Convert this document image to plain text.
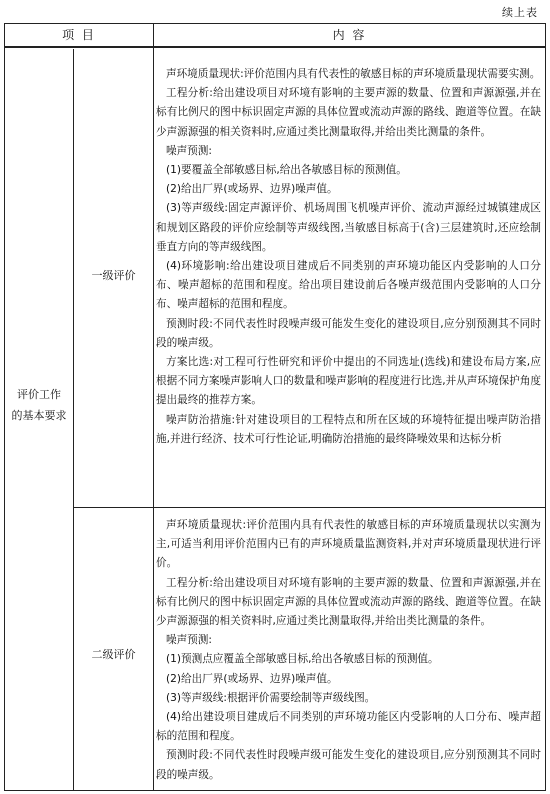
续上表
项 目	内 容
评价工作
的基本要求
一级评价
二级评价

声环境质量现状:评价范围内具有代表性的敏感目标的声环境质量现状需要实测。

工程分析:给出建设项目对环境有影响的主要声源的数量、位置和声源源强,并在标有比例尺的图中标识固定声源的具体位置或流动声源的路线、跑道等位置。在缺少声源源强的相关资料时,应通过类比测量取得,并给出类比测量的条件。

噪声预测:

(1)要覆盖全部敏感目标,给出各敏感目标的预测值。

(2)给出厂界(或场界、边界)噪声值。

(3)等声级线:固定声源评价、机场周围飞机噪声评价、流动声源经过城镇建成区和规划区路段的评价应绘制等声级线图,当敏感目标高于(含)三层建筑时,还应绘制垂直方向的等声级线图。

(4)环境影响:给出建设项目建成后不同类别的声环境功能区内受影响的人口分布、噪声超标的范围和程度。给出项目建设前后各噪声级范围内受影响的人口分布、噪声超标的范围和程度。

预测时段:不同代表性时段噪声级可能发生变化的建设项目,应分别预测其不同时段的噪声级。

方案比选:对工程可行性研究和评价中提出的不同选址(选线)和建设布局方案,应根据不同方案噪声影响人口的数量和噪声影响的程度进行比选,并从声环境保护角度提出最终的推荐方案。

噪声防治措施:针对建设项目的工程特点和所在区域的环境特征提出噪声防治措施,并进行经济、技术可行性论证,明确防治措施的最终降噪效果和达标分析

声环境质量现状:评价范围内具有代表性的敏感目标的声环境质量现状以实测为主,可适当利用评价范围内已有的声环境质量监测资料,并对声环境质量现状进行评价。

工程分析:给出建设项目对环境有影响的主要声源的数量、位置和声源源强,并在标有比例尺的图中标识固定声源的具体位置或流动声源的路线、跑道等位置。在缺少声源源强的相关资料时,应通过类比测量取得,并给出类比测量的条件。

噪声预测:

(1)预测点应覆盖全部敏感目标,给出各敏感目标的预测值。

(2)给出厂界(或场界、边界)噪声值。

(3)等声级线:根据评价需要绘制等声级线图。

(4)给出建设项目建成后不同类别的声环境功能区内受影响的人口分布、噪声超标的范围和程度。

预测时段:不同代表性时段噪声级可能发生变化的建设项目,应分别预测其不同时段的噪声级。
